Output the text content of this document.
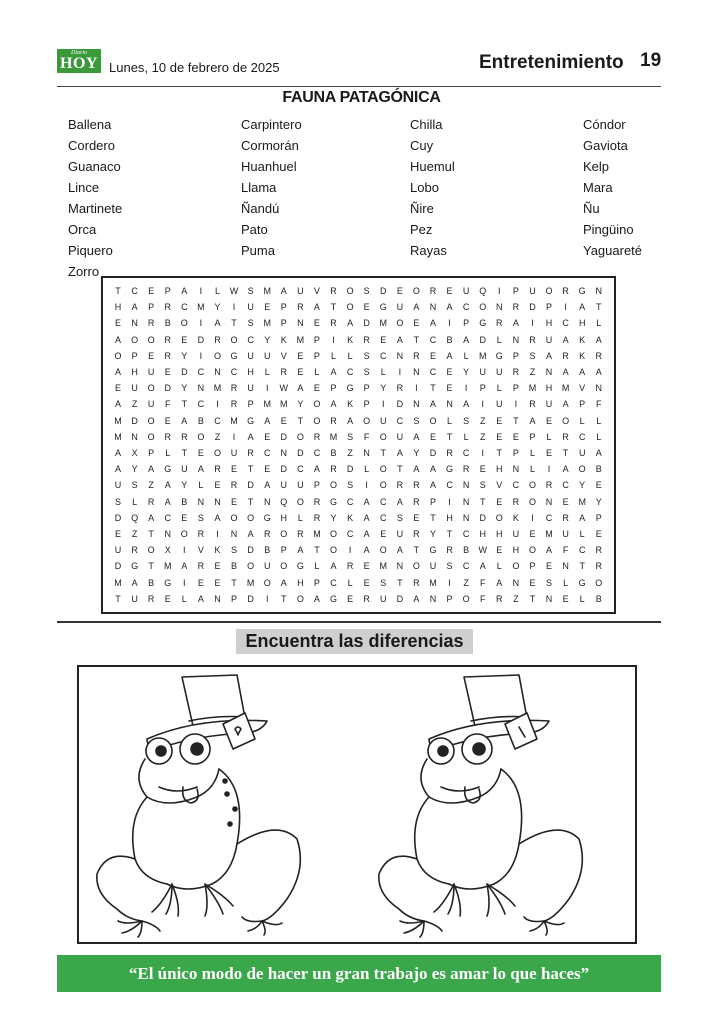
Diario
HOY Lunes, 10 de febrero de 2025	Entretenimiento 19
FAUNA PATAGÓNICA
Ballena
Cordero
Guanaco
Lince
Martinete
Orca
Piquero
Zorro
Carpintero
Cormorán
Huanhuel
Llama
Ñandú
Pato
Puma
Chilla
Cuy
Huemul
Lobo
Ñire
Pez
Rayas
Cóndor
Gaviota
Kelp
Mara
Ñu
Pingüino
Yaguareté
T	C	E	P	A	I	L	W	S	M	A	U	V	R	O	S	D	E	O	R	E	U	Q	I	P	U	O	R	G	N
H	A	P	R	C	M	Y	I	U	E	P	R	A	T	O	E	G	U	A	N	A	C	O	N	R	D	P	I	A	T
E	N	R	B	O	I	A	T	S	M	P	N	E	R	A	D	M O	E	A	I	P	G	R	A	I	H	C	H	L
A	O O	R	E	D	R	O	C	Y	K	M	P	I	K	R	E	A	T	C	B	A	D	L	N	R	U	A	K	A
O	P	E	R	Y	I	O G	U	U	V	E	P	L	L	S	C	N	R	E	A	L	M G	P	S	A	R	K	R
A	H	U	E	D	C	N	C	H	L	R	E	L	A	C	S	L	I	N	C	E	Y	U	U	R	Z	N	A	A	A
E	U	O	D	Y	N	M	R	U	I	W	A	E	P	G	P	Y	R	I	T	E	I	P	L	P	M	H	M	V	N
A	Z	U	F	T	C	I	R	P	M M	Y	O	A	K	P	I	D	N	A	N	A	I	U	I	R	U	A	P	F
M	D	O	E	A	B	C	M G	A	E	T	O	R	A	O	U	C	S	O	L	S	Z	E	T	A	E	O	L	L
M	N	O	R	R	O	Z	I	A	E	D	O	R	M	S	F	O	U	A	E	T	L	Z	E	E	P	L	R	C	L
A	X	P	L	T	E	O	U	R	C	N	D	C	B	Z	N	T	A	Y	D	R	C	I	T	P	L	E	T	U	A
A	Y	A	G	U	A	R	E	T	E	D	C	A	R	D	L	O	T	A	A	G	R	E	H	N	L	I	A	O	B
U	S	Z	A	Y	L	E	R	D	A	U	U	P	O	S	I	O	R	R	A	C	N	S	V	C	O	R	C	Y	E
S	L	R	A	B	N	N	E	T	N	Q O	R	G	C	A	C	A	R	P	I	N	T	E	R	O	N	E	M	Y
D	Q	A	C	E	S	A	O O G	H	L	R	Y	K	A	C	S	E	T	H	N	D	O	K	I	C	R	A	P
E	Z	T	N	O	R	I	N	A	R	O	R	M O	C	A	E	U	R	Y	T	C	H	H	U	E	M	U	L	E
U	R	O	X	I	V	K	S	D	B	P	A	T	O	I	A	O	A	T	G	R	B	W	E	H	O	A	F	C	R
D	G	T	M	A	R	E	B	O	U	O G	L	A	R	E	M	N	O	U	S	C	A	L	O	P	E	N	T	R
M	A	B	G	I	E	E	T	M O	A	H	P	C	L	E	S	T	R	M	I	Z	F	A	N	E	S	L	G O
T	U	R	E	L	A	N	P	D	I	T	O	A	G	E	R	U	D	A	N	P	O	F	R	Z	T	N	E	L	B
Encuentra las diferencias
“El único modo de hacer un gran trabajo es amar lo que haces”
